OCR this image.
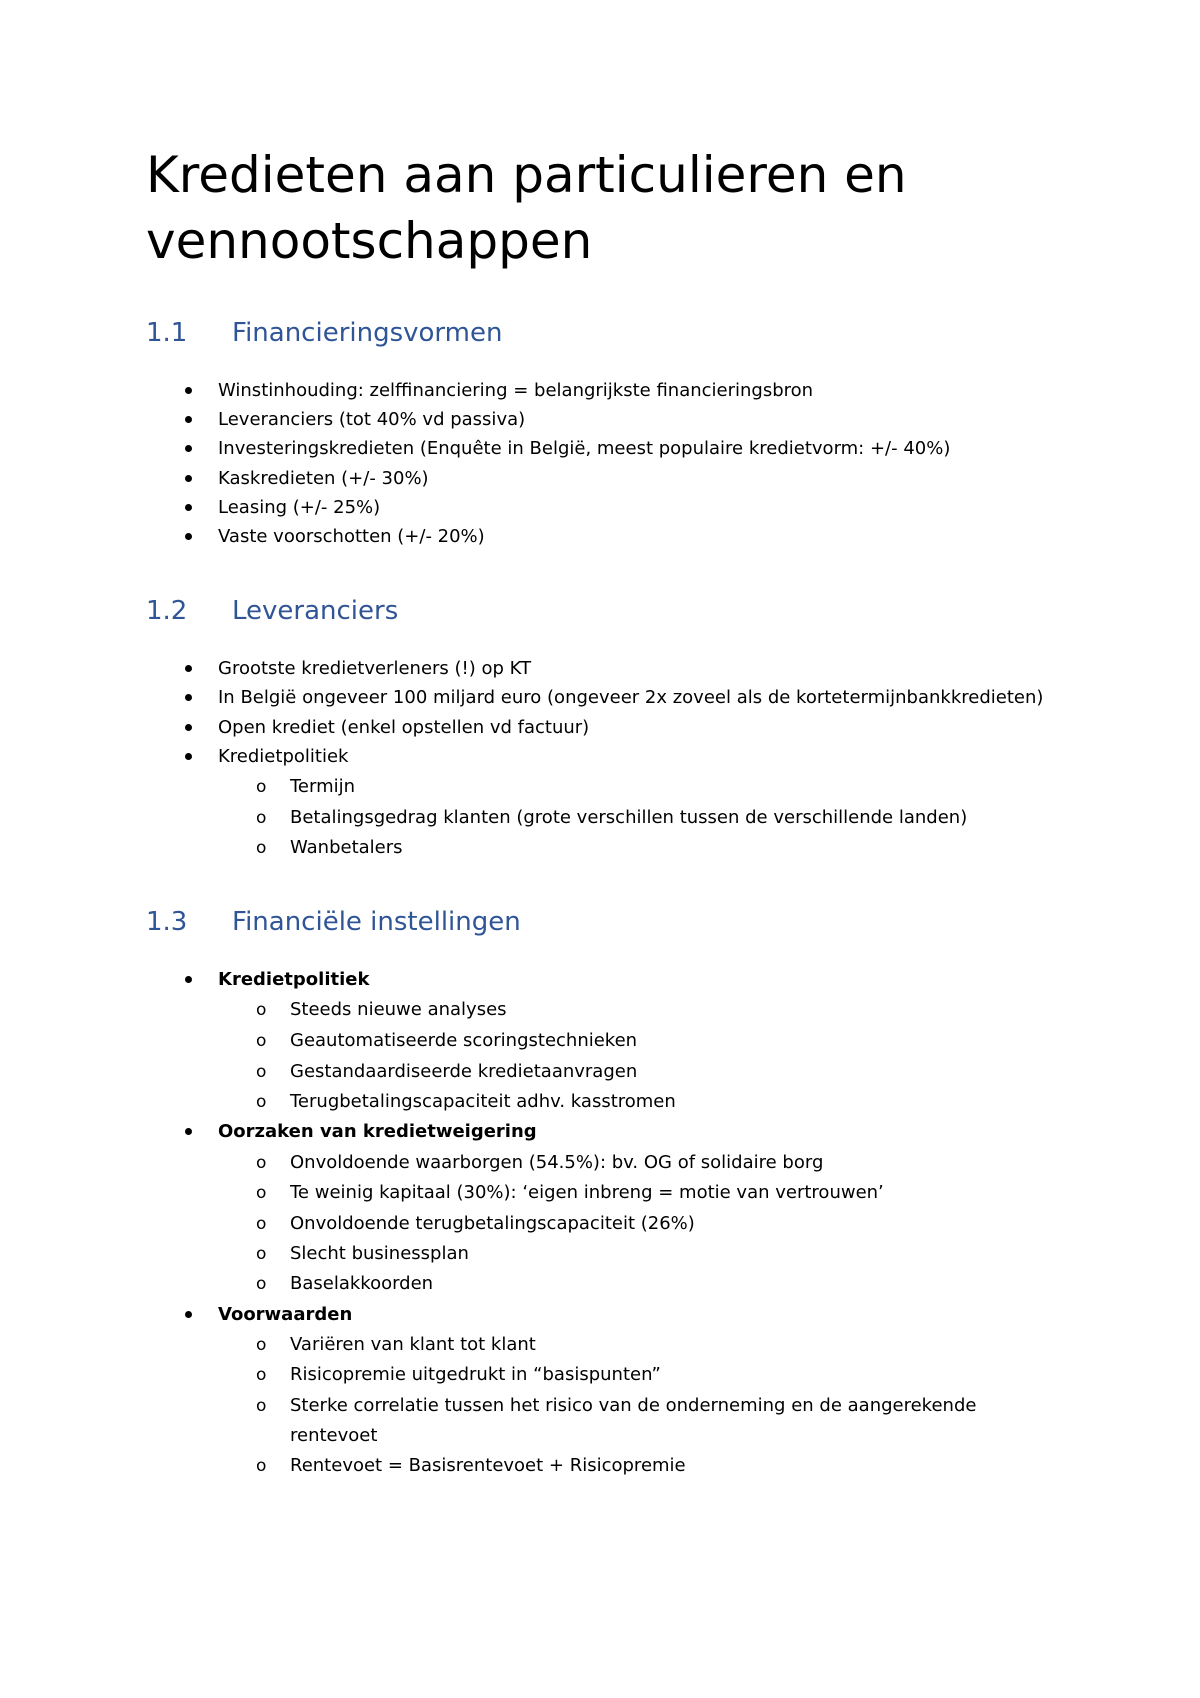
Kredieten aan particulieren en vennootschappen
1.1 Financieringsvormen
Winstinhouding: zelffinanciering = belangrijkste financieringsbron
Leveranciers (tot 40% vd passiva)
Investeringskredieten (Enquête in België, meest populaire kredietvorm: +/- 40%)
Kaskredieten (+/- 30%)
Leasing (+/- 25%)
Vaste voorschotten (+/- 20%)
1.2 Leveranciers
Grootste kredietverleners (!) op KT
In België ongeveer 100 miljard euro (ongeveer 2x zoveel als de kortetermijnbankkredieten)
Open krediet (enkel opstellen vd factuur)
Kredietpolitiek
o Termijn
o Betalingsgedrag klanten (grote verschillen tussen de verschillende landen)
o Wanbetalers
1.3 Financiële instellingen
Kredietpolitiek
o Steeds nieuwe analyses
o Geautomatiseerde scoringstechnieken
o Gestandaardiseerde kredietaanvragen
o Terugbetalingscapaciteit adhv. kasstromen
Oorzaken van kredietweigering
o Onvoldoende waarborgen (54.5%): bv. OG of solidaire borg
o Te weinig kapitaal (30%): ‘eigen inbreng = motie van vertrouwen’
o Onvoldoende terugbetalingscapaciteit (26%)
o Slecht businessplan
o Baselakkoorden
Voorwaarden
o Variëren van klant tot klant
o Risicopremie uitgedrukt in “basispunten”
o Sterke correlatie tussen het risico van de onderneming en de aangerekende rentevoet
o Rentevoet = Basisrentevoet + Risicopremie
